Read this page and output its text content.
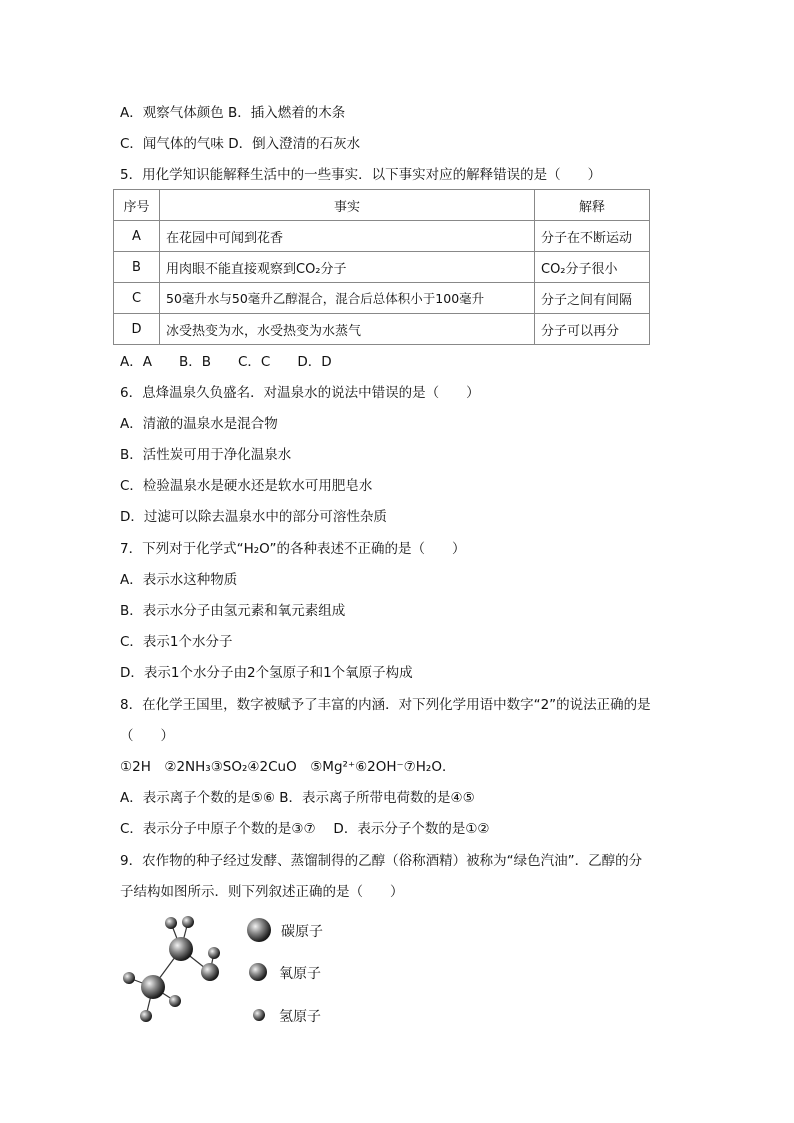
A．观察气体颜色 B．插入燃着的木条
C．闻气体的气味 D．倒入澄清的石灰水
5．用化学知识能解释生活中的一些事实．以下事实对应的解释错误的是（　　）
序号	事实	解释
A	在花园中可闻到花香	分子在不断运动
B	用肉眼不能直接观察到CO₂分子	CO₂分子很小
C	50毫升水与50毫升乙醇混合，混合后总体积小于100毫升	分子之间有间隔
D	冰受热变为水，水受热变为水蒸气	分子可以再分
A．A　　B．B　　C．C　　D．D
6．息烽温泉久负盛名．对温泉水的说法中错误的是（　　）
A．清澈的温泉水是混合物
B．活性炭可用于净化温泉水
C．检验温泉水是硬水还是软水可用肥皂水
D．过滤可以除去温泉水中的部分可溶性杂质
7．下列对于化学式“H₂O”的各种表述不正确的是（　　）
A．表示水这种物质
B．表示水分子由氢元素和氧元素组成
C．表示1个水分子
D．表示1个水分子由2个氢原子和1个氧原子构成
8．在化学王国里，数字被赋予了丰富的内涵．对下列化学用语中数字“2”的说法正确的是
（　　）
①2H　②2NH₃③SO₂④2CuO　⑤Mg²⁺⑥2OH⁻⑦H₂O．
A．表示离子个数的是⑤⑥ B．表示离子所带电荷数的是④⑤
C．表示分子中原子个数的是③⑦　 D．表示分子个数的是①②
9．农作物的种子经过发酵、蒸馏制得的乙醇（俗称酒精）被称为“绿色汽油”．乙醇的分
子结构如图所示．则下列叙述正确的是（　　）
碳原子
氧原子
氢原子
